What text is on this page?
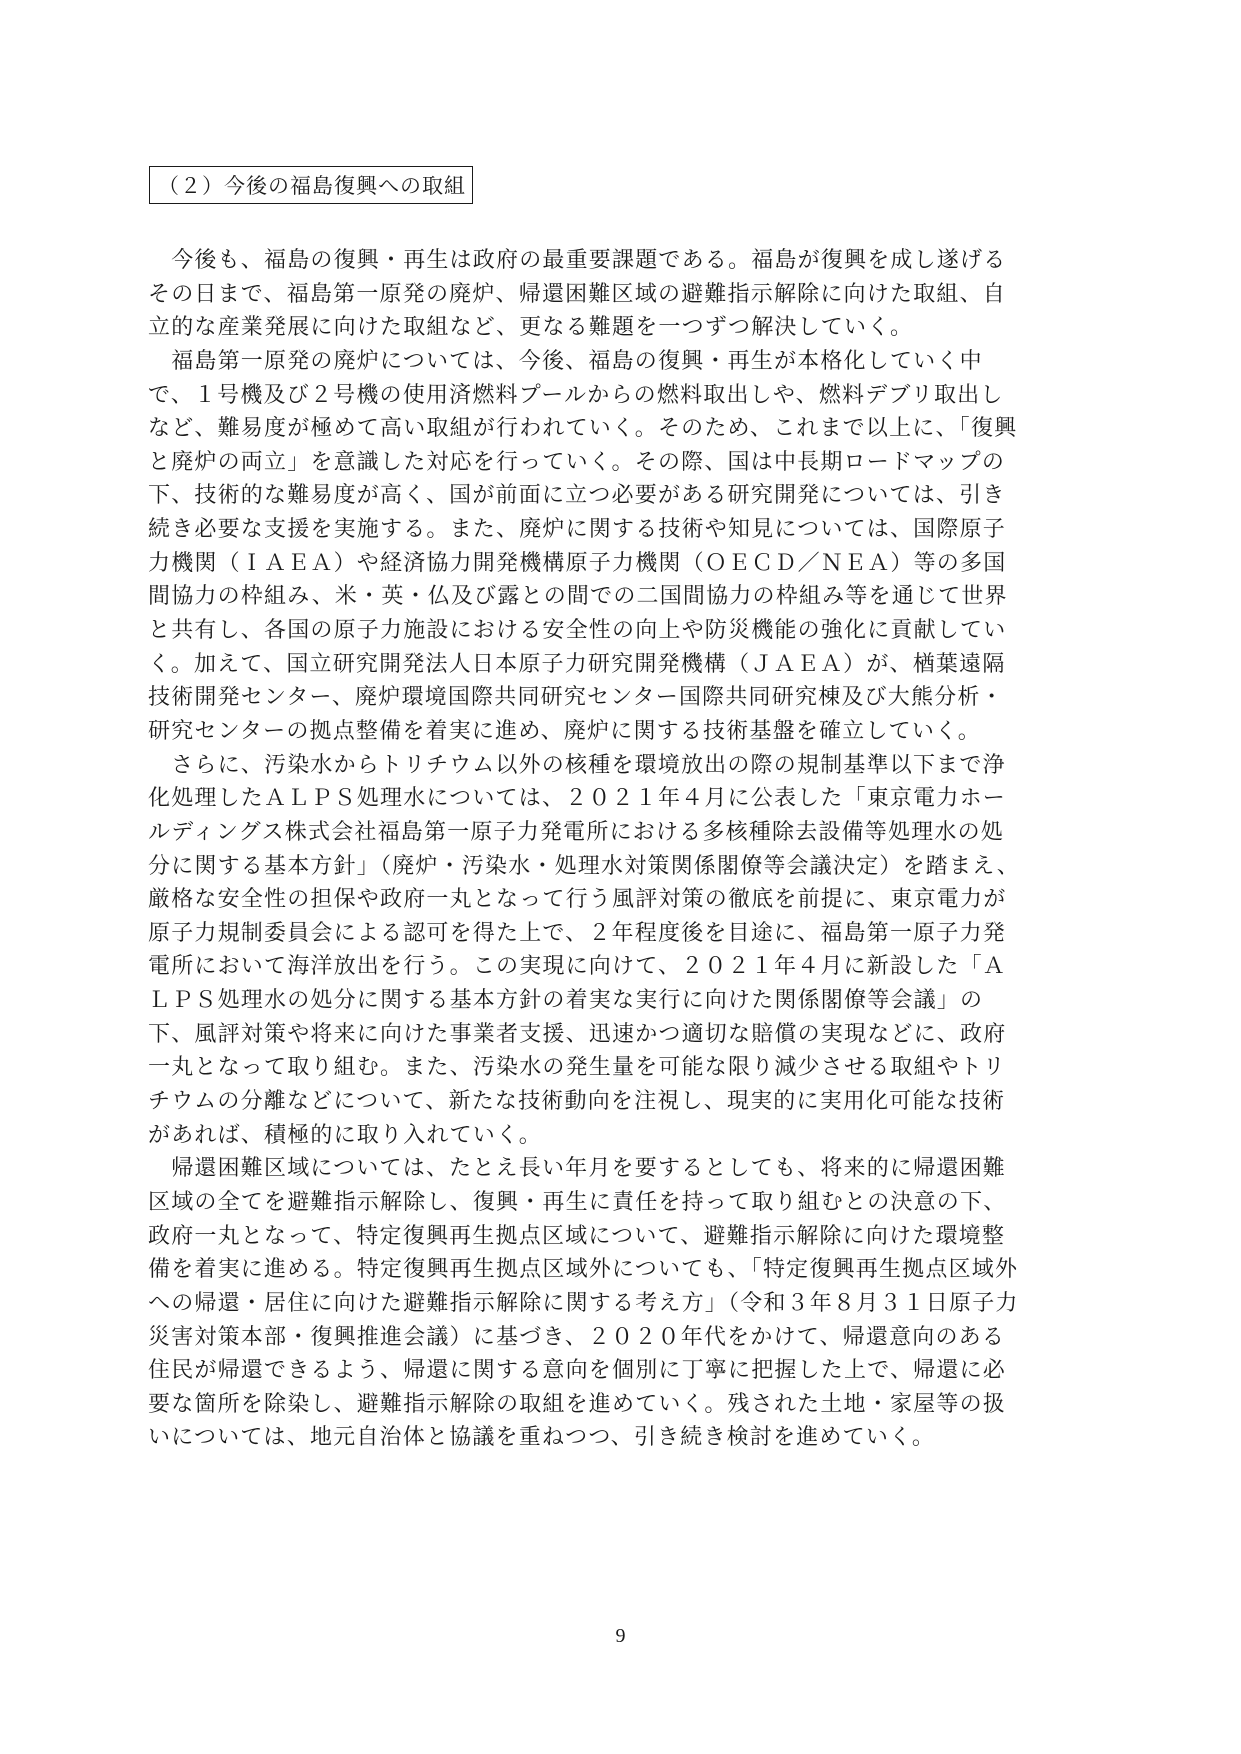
（２）今後の福島復興への取組
　今後も、福島の復興・再生は政府の最重要課題である。福島が復興を成し遂げる
その日まで、福島第一原発の廃炉、帰還困難区域の避難指示解除に向けた取組、自
立的な産業発展に向けた取組など、更なる難題を一つずつ解決していく。
　福島第一原発の廃炉については、今後、福島の復興・再生が本格化していく中
で、１号機及び２号機の使用済燃料プールからの燃料取出しや、燃料デブリ取出し
など、難易度が極めて高い取組が行われていく。そのため、これまで以上に、「復興
と廃炉の両立」を意識した対応を行っていく。その際、国は中長期ロードマップの
下、技術的な難易度が高く、国が前面に立つ必要がある研究開発については、引き
続き必要な支援を実施する。また、廃炉に関する技術や知見については、国際原子
力機関（ＩＡＥＡ）や経済協力開発機構原子力機関（ＯＥＣＤ／ＮＥＡ）等の多国
間協力の枠組み、米・英・仏及び露との間での二国間協力の枠組み等を通じて世界
と共有し、各国の原子力施設における安全性の向上や防災機能の強化に貢献してい
く。加えて、国立研究開発法人日本原子力研究開発機構（ＪＡＥＡ）が、楢葉遠隔
技術開発センター、廃炉環境国際共同研究センター国際共同研究棟及び大熊分析・
研究センターの拠点整備を着実に進め、廃炉に関する技術基盤を確立していく。
　さらに、汚染水からトリチウム以外の核種を環境放出の際の規制基準以下まで浄
化処理したＡＬＰＳ処理水については、２０２１年４月に公表した「東京電力ホー
ルディングス株式会社福島第一原子力発電所における多核種除去設備等処理水の処
分に関する基本方針」（廃炉・汚染水・処理水対策関係閣僚等会議決定）を踏まえ、
厳格な安全性の担保や政府一丸となって行う風評対策の徹底を前提に、東京電力が
原子力規制委員会による認可を得た上で、２年程度後を目途に、福島第一原子力発
電所において海洋放出を行う。この実現に向けて、２０２１年４月に新設した「Ａ
ＬＰＳ処理水の処分に関する基本方針の着実な実行に向けた関係閣僚等会議」の
下、風評対策や将来に向けた事業者支援、迅速かつ適切な賠償の実現などに、政府
一丸となって取り組む。また、汚染水の発生量を可能な限り減少させる取組やトリ
チウムの分離などについて、新たな技術動向を注視し、現実的に実用化可能な技術
があれば、積極的に取り入れていく。
　帰還困難区域については、たとえ長い年月を要するとしても、将来的に帰還困難
区域の全てを避難指示解除し、復興・再生に責任を持って取り組むとの決意の下、
政府一丸となって、特定復興再生拠点区域について、避難指示解除に向けた環境整
備を着実に進める。特定復興再生拠点区域外についても、「特定復興再生拠点区域外
への帰還・居住に向けた避難指示解除に関する考え方」（令和３年８月３１日原子力
災害対策本部・復興推進会議）に基づき、２０２０年代をかけて、帰還意向のある
住民が帰還できるよう、帰還に関する意向を個別に丁寧に把握した上で、帰還に必
要な箇所を除染し、避難指示解除の取組を進めていく。残された土地・家屋等の扱
いについては、地元自治体と協議を重ねつつ、引き続き検討を進めていく。
9
